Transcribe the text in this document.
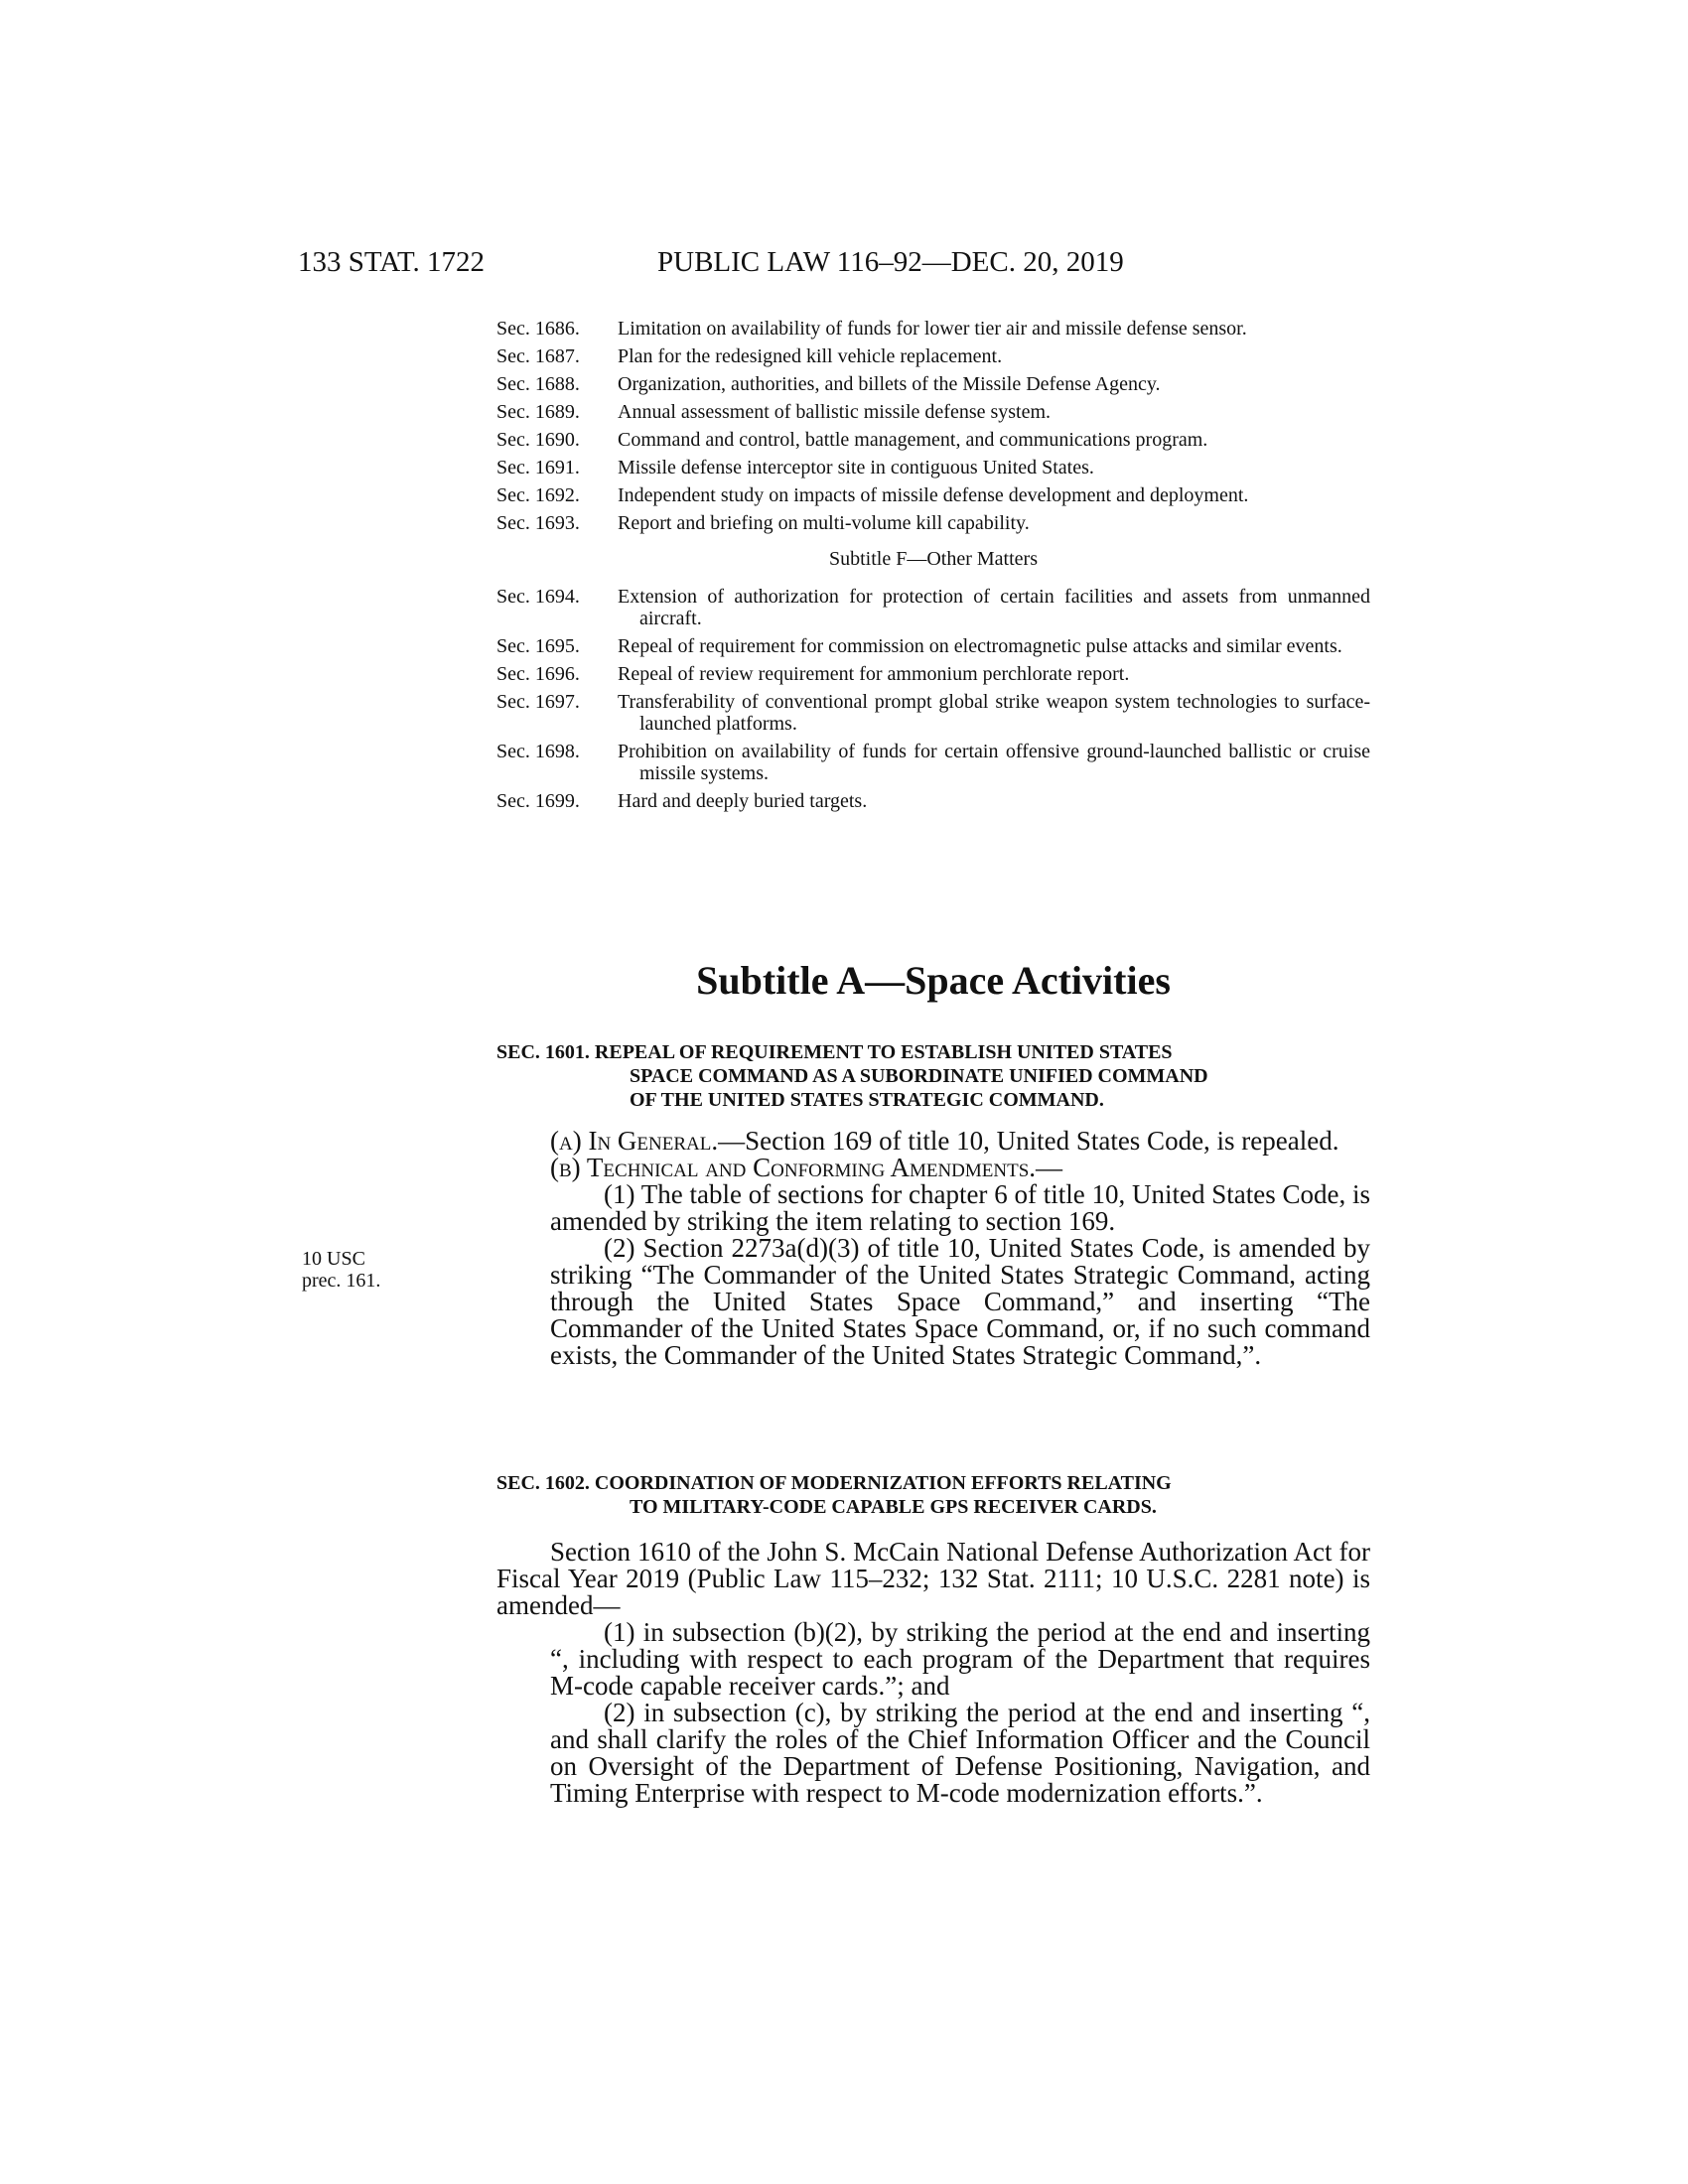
133 STAT. 1722	PUBLIC LAW 116–92—DEC. 20, 2019
Sec. 1686.	Limitation on availability of funds for lower tier air and missile defense sensor.
Sec. 1687.	Plan for the redesigned kill vehicle replacement.
Sec. 1688.	Organization, authorities, and billets of the Missile Defense Agency.
Sec. 1689.	Annual assessment of ballistic missile defense system.
Sec. 1690.	Command and control, battle management, and communications program.
Sec. 1691.	Missile defense interceptor site in contiguous United States.
Sec. 1692.	Independent study on impacts of missile defense development and deployment.
Sec. 1693.	Report and briefing on multi-volume kill capability.
Subtitle F—Other Matters
Sec. 1694.	Extension of authorization for protection of certain facilities and assets from unmanned aircraft.
Sec. 1695.	Repeal of requirement for commission on electromagnetic pulse attacks and similar events.
Sec. 1696.	Repeal of review requirement for ammonium perchlorate report.
Sec. 1697.	Transferability of conventional prompt global strike weapon system technologies to surface-launched platforms.
Sec. 1698.	Prohibition on availability of funds for certain offensive ground-launched ballistic or cruise missile systems.
Sec. 1699.	Hard and deeply buried targets.
Subtitle A—Space Activities
SEC. 1601. REPEAL OF REQUIREMENT TO ESTABLISH UNITED STATES
SPACE COMMAND AS A SUBORDINATE UNIFIED COMMAND
OF THE UNITED STATES STRATEGIC COMMAND.

(a) In General.—Section 169 of title 10, United States Code, is repealed.

(b) Technical and Conforming Amendments.—

(1) The table of sections for chapter 6 of title 10, United States Code, is amended by striking the item relating to section 169.

(2) Section 2273a(d)(3) of title 10, United States Code, is amended by striking “The Commander of the United States Strategic Command, acting through the United States Space Command,” and inserting “The Commander of the United States Space Command, or, if no such command exists, the Commander of the United States Strategic Command,”.

10 USC
prec. 161.
SEC. 1602. COORDINATION OF MODERNIZATION EFFORTS RELATING
TO MILITARY-CODE CAPABLE GPS RECEIVER CARDS.

Section 1610 of the John S. McCain National Defense Authorization Act for Fiscal Year 2019 (Public Law 115–232; 132 Stat. 2111; 10 U.S.C. 2281 note) is amended—

(1) in subsection (b)(2), by striking the period at the end and inserting “, including with respect to each program of the Department that requires M-code capable receiver cards.”; and

(2) in subsection (c), by striking the period at the end and inserting “, and shall clarify the roles of the Chief Information Officer and the Council on Oversight of the Department of Defense Positioning, Navigation, and Timing Enterprise with respect to M-code modernization efforts.”.
